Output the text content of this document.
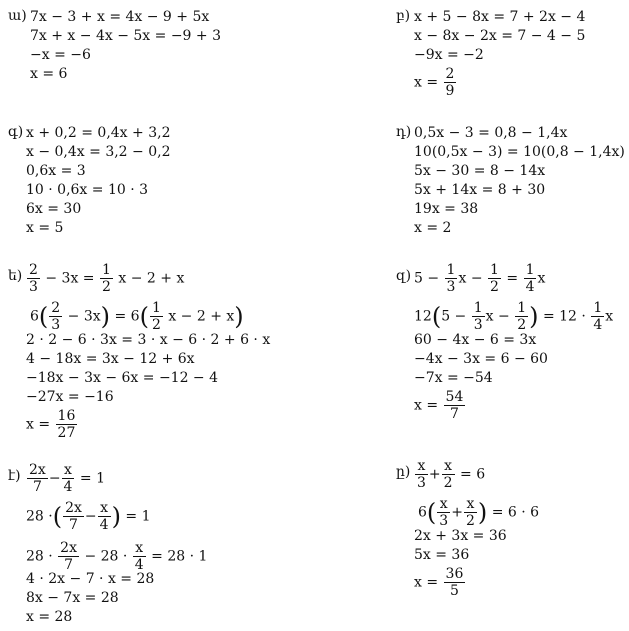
ա) 7x − 3 + x = 4x − 9 + 5x
7x + x − 4x − 5x = −9 + 3
−x = −6
x = 6
բ) x + 5 − 8x = 7 + 2x − 4
x − 8x − 2x = 7 − 4 − 5
−9x = −2
$x = \frac{2}{9}$
գ) x + 0,2 = 0,4x + 3,2
x − 0,4x = 3,2 − 0,2
0,6x = 3
10 · 0,6x = 10 · 3
6x = 30
x = 5
դ) 0,5x − 3 = 0,8 − 1,4x
10(0,5x − 3) = 10(0,8 − 1,4x)
5x − 30 = 8 − 14x
5x + 14x = 8 + 30
19x = 38
x = 2
ե) $\frac{2}{3} - 3x = \frac{1}{2}$ x − 2 + x
$6( \frac{2}{3} - 3x) = 6( \frac{1}{2}$ x − 2 + x)
2 · 2 − 6 · 3x = 3 · x − 6 · 2 + 6 · x
4 − 18x = 3x − 12 + 6x
−18x − 3x − 6x = −12 − 4
−27x = −16
$x = \frac{16}{27}$
զ) $5 - \frac{1}{3}$ $x - \frac{1}{2} = \frac{1}{4}$ x
$12(5 - \frac{1}{3}$ $x - \frac{1}{2}$ ) = $12 \cdot \frac{1}{4}$ x
60 − 4x − 6 = 3x
−4x − 3x = 6 − 60
−7x = −54
$x = \frac{54}{7}$
է) $\frac{2x}{7} - \frac{x}{4} = 1$
28 ·( $\frac{2x}{7} - \frac{x}{4}$ ) = 1
$28 \cdot \frac{2x}{7} - 28 \cdot \frac{x}{4} = 28 \cdot 1$
4 · 2x − 7 · x = 28
8x − 7x = 28
x = 28
ը) $\frac{x}{3} + \frac{x}{2} = 6$
$6( \frac{x}{3} + \frac{x}{2}$ ) = 6 · 6
2x + 3x = 36
5x = 36
$x = \frac{36}{5}$
